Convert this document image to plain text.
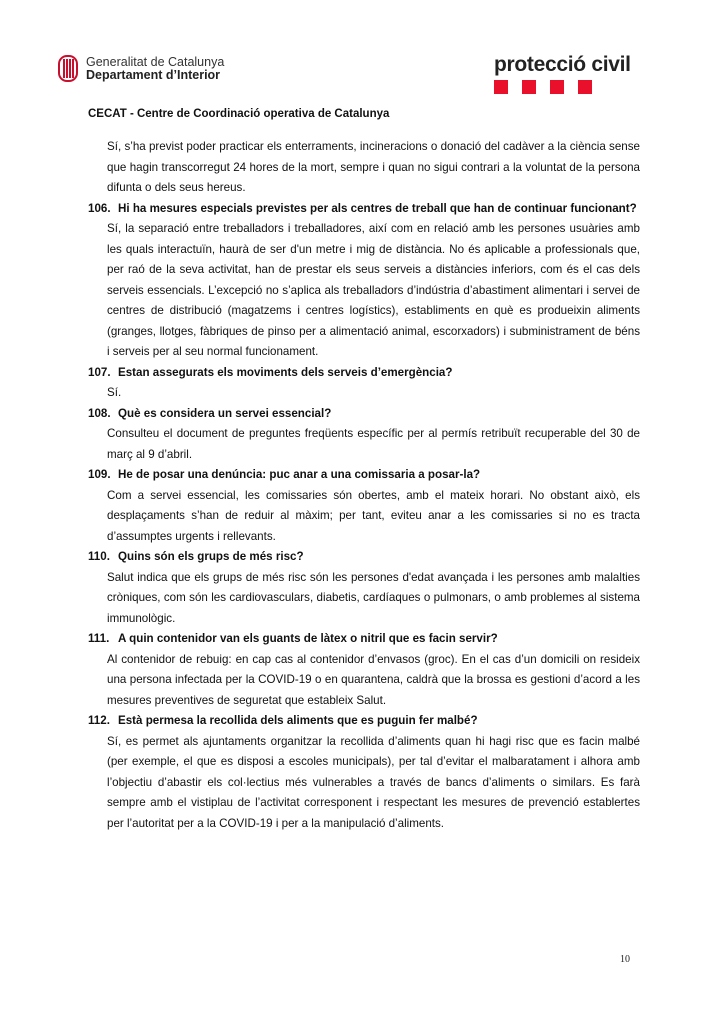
Generalitat de Catalunya
Departament d’Interior	protecció civil
CECAT - Centre de Coordinació operativa de Catalunya

Sí, s’ha previst poder practicar els enterraments, incineracions o donació del cadàver a la ciència sense que hagin transcorregut 24 hores de la mort, sempre i quan no sigui contrari a la voluntat de la persona difunta o dels seus hereus.

106. Hi ha mesures especials previstes per als centres de treball que han de continuar funcionant?

Sí, la separació entre treballadors i treballadores, així com en relació amb les persones usuàries amb les quals interactuïn, haurà de ser d'un metre i mig de distància. No és aplicable a professionals que, per raó de la seva activitat, han de prestar els seus serveis a distàncies inferiors, com és el cas dels serveis essencials. L’excepció no s’aplica als treballadors d’indústria d’abastiment alimentari i servei de centres de distribució (magatzems i centres logístics), establiments en què es produeixin aliments (granges, llotges, fàbriques de pinso per a alimentació animal, escorxadors) i subministrament de béns i serveis per al seu normal funcionament.

107. Estan assegurats els moviments dels serveis d’emergència?

Sí.

108. Què es considera un servei essencial?

Consulteu el document de preguntes freqüents específic per al permís retribuït recuperable del 30 de març al 9 d’abril.

109. He de posar una denúncia: puc anar a una comissaria a posar-la?

Com a servei essencial, les comissaries són obertes, amb el mateix horari. No obstant això, els desplaçaments s’han de reduir al màxim; per tant, eviteu anar a les comissaries si no es tracta d’assumptes urgents i rellevants.

110. Quins són els grups de més risc?

Salut indica que els grups de més risc són les persones d'edat avançada i les persones amb malalties cròniques, com són les cardiovasculars, diabetis, cardíaques o pulmonars, o amb problemes al sistema immunològic.

111. A quin contenidor van els guants de làtex o nitril que es facin servir?

Al contenidor de rebuig: en cap cas al contenidor d’envasos (groc). En el cas d’un domicili on resideix una persona infectada per la COVID-19 o en quarantena, caldrà que la brossa es gestioni d’acord a les mesures preventives de seguretat que estableix Salut.

112. Està permesa la recollida dels aliments que es puguin fer malbé?

Sí, es permet als ajuntaments organitzar la recollida d’aliments quan hi hagi risc que es facin malbé (per exemple, el que es disposi a escoles municipals), per tal d’evitar el malbaratament i alhora amb l’objectiu d’abastir els col·lectius més vulnerables a través de bancs d’aliments o similars. Es farà sempre amb el vistiplau de l’activitat corresponent i respectant les mesures de prevenció establertes per l’autoritat per a la COVID-19 i per a la manipulació d’aliments.

10
